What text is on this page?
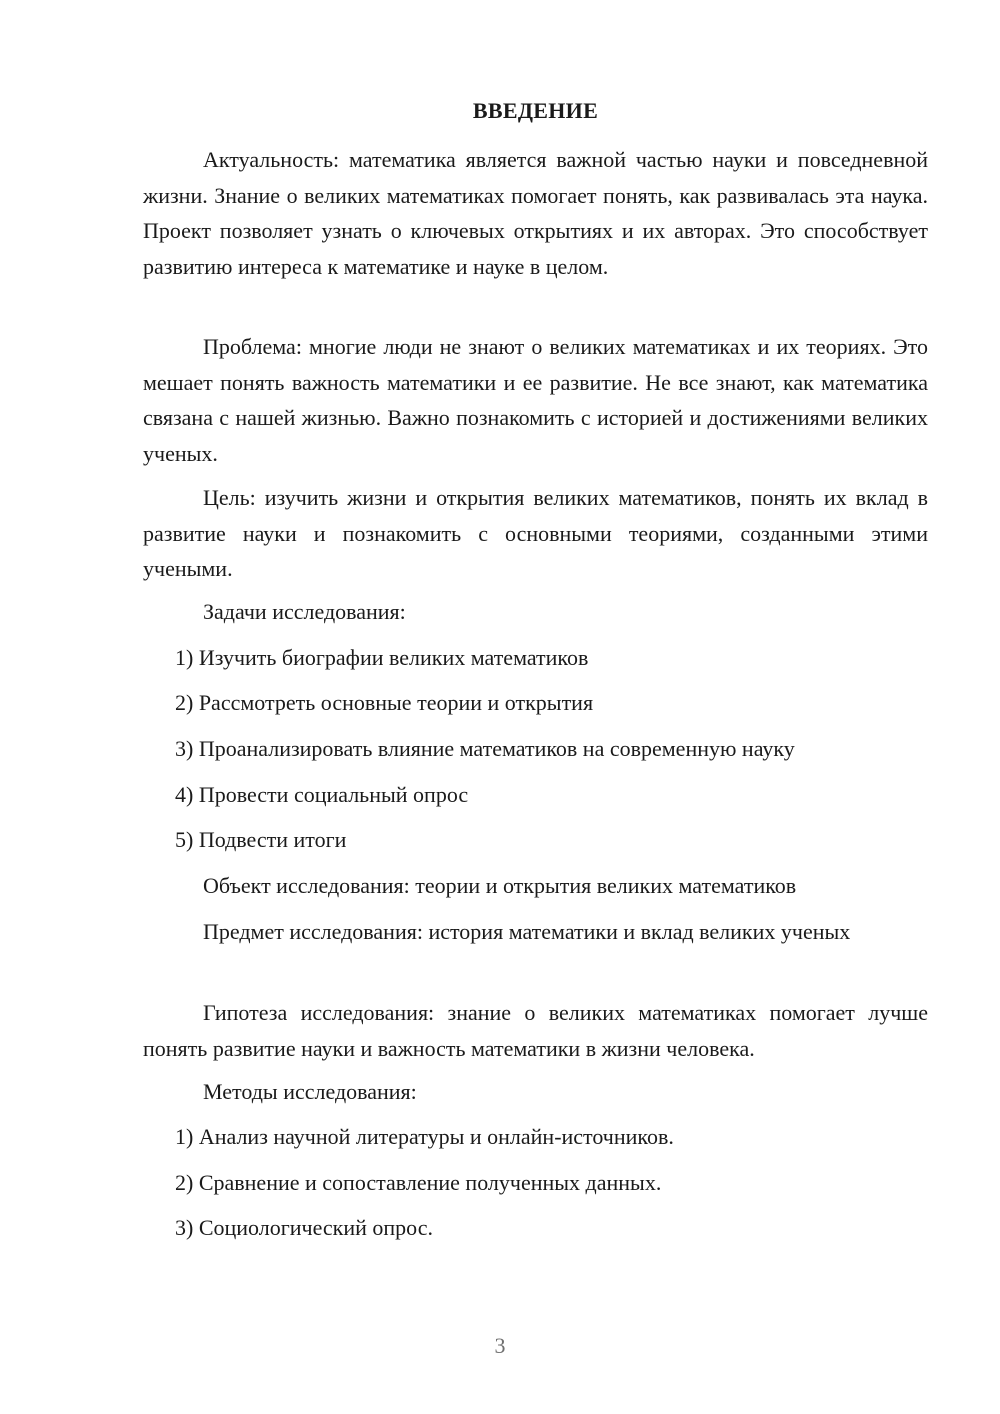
ВВЕДЕНИЕ

Актуальность: математика является важной частью науки и повседневной жизни. Знание о великих математиках помогает понять, как развивалась эта наука. Проект позволяет узнать о ключевых открытиях и их авторах. Это способствует развитию интереса к математике и науке в целом.

Проблема: многие люди не знают о великих математиках и их теориях. Это мешает понять важность математики и ее развитие. Не все знают, как математика связана с нашей жизнью. Важно познакомить с историей и достижениями великих ученых.

Цель: изучить жизни и открытия великих математиков, понять их вклад в развитие науки и познакомить с основными теориями, созданными этими учеными.

Задачи исследования:

1) Изучить биографии великих математиков

2) Рассмотреть основные теории и открытия

3) Проанализировать влияние математиков на современную науку

4) Провести социальный опрос

5) Подвести итоги

Объект исследования: теории и открытия великих математиков

Предмет исследования: история математики и вклад великих ученых

Гипотеза исследования: знание о великих математиках помогает лучше понять развитие науки и важность математики в жизни человека.

Методы исследования:

1) Анализ научной литературы и онлайн-источников.

2) Сравнение и сопоставление полученных данных.

3) Социологический опрос.

3
